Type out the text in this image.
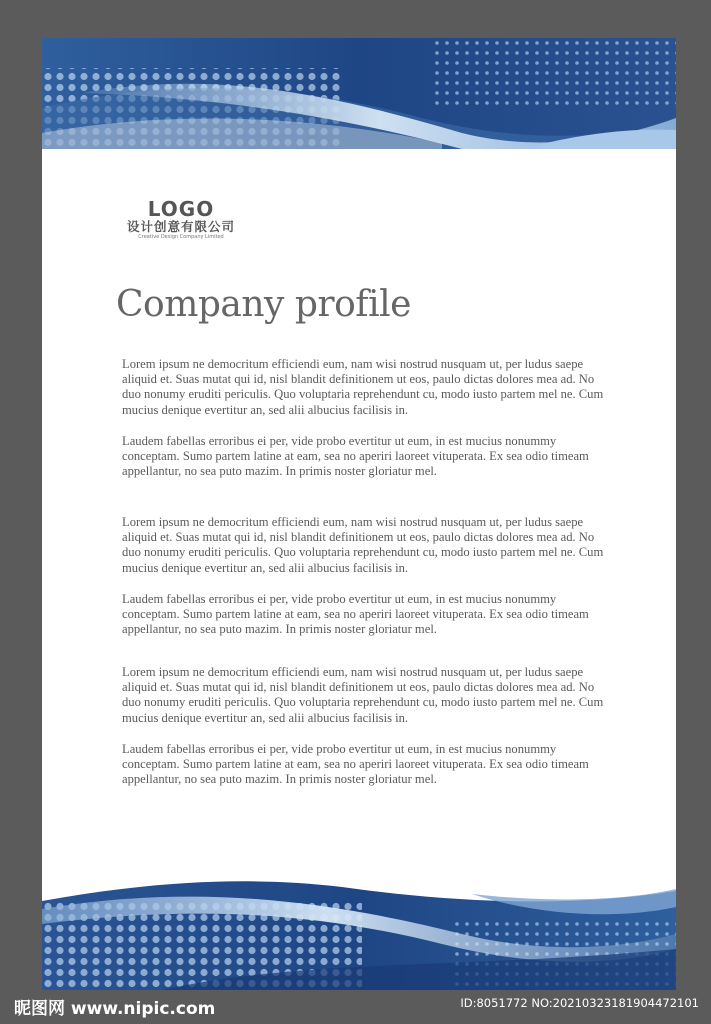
LOGO
设计创意有限公司
Creative Design Company Limited
Company profile

Lorem ipsum ne democritum efficiendi eum, nam wisi nostrud nusquam ut, per ludus saepe aliquid et. Suas mutat qui id, nisl blandit definitionem ut eos, paulo dictas dolores mea ad. No duo nonumy eruditi periculis. Quo voluptaria reprehendunt cu, modo iusto partem mel ne. Cum mucius denique evertitur an, sed alii albucius facilisis in.

Laudem fabellas erroribus ei per, vide probo evertitur ut eum, in est mucius nonummy conceptam. Sumo partem latine at eam, sea no aperiri laoreet vituperata. Ex sea odio timeam appellantur, no sea puto mazim. In primis noster gloriatur mel.

Lorem ipsum ne democritum efficiendi eum, nam wisi nostrud nusquam ut, per ludus saepe aliquid et. Suas mutat qui id, nisl blandit definitionem ut eos, paulo dictas dolores mea ad. No duo nonumy eruditi periculis. Quo voluptaria reprehendunt cu, modo iusto partem mel ne. Cum mucius denique evertitur an, sed alii albucius facilisis in.

Laudem fabellas erroribus ei per, vide probo evertitur ut eum, in est mucius nonummy conceptam. Sumo partem latine at eam, sea no aperiri laoreet vituperata. Ex sea odio timeam appellantur, no sea puto mazim. In primis noster gloriatur mel.

Lorem ipsum ne democritum efficiendi eum, nam wisi nostrud nusquam ut, per ludus saepe aliquid et. Suas mutat qui id, nisl blandit definitionem ut eos, paulo dictas dolores mea ad. No duo nonumy eruditi periculis. Quo voluptaria reprehendunt cu, modo iusto partem mel ne. Cum mucius denique evertitur an, sed alii albucius facilisis in.

Laudem fabellas erroribus ei per, vide probo evertitur ut eum, in est mucius nonummy conceptam. Sumo partem latine at eam, sea no aperiri laoreet vituperata. Ex sea odio timeam appellantur, no sea puto mazim. In primis noster gloriatur mel.

昵图网 www.nipic.com	ID:8051772 NO:20210323181904472101
